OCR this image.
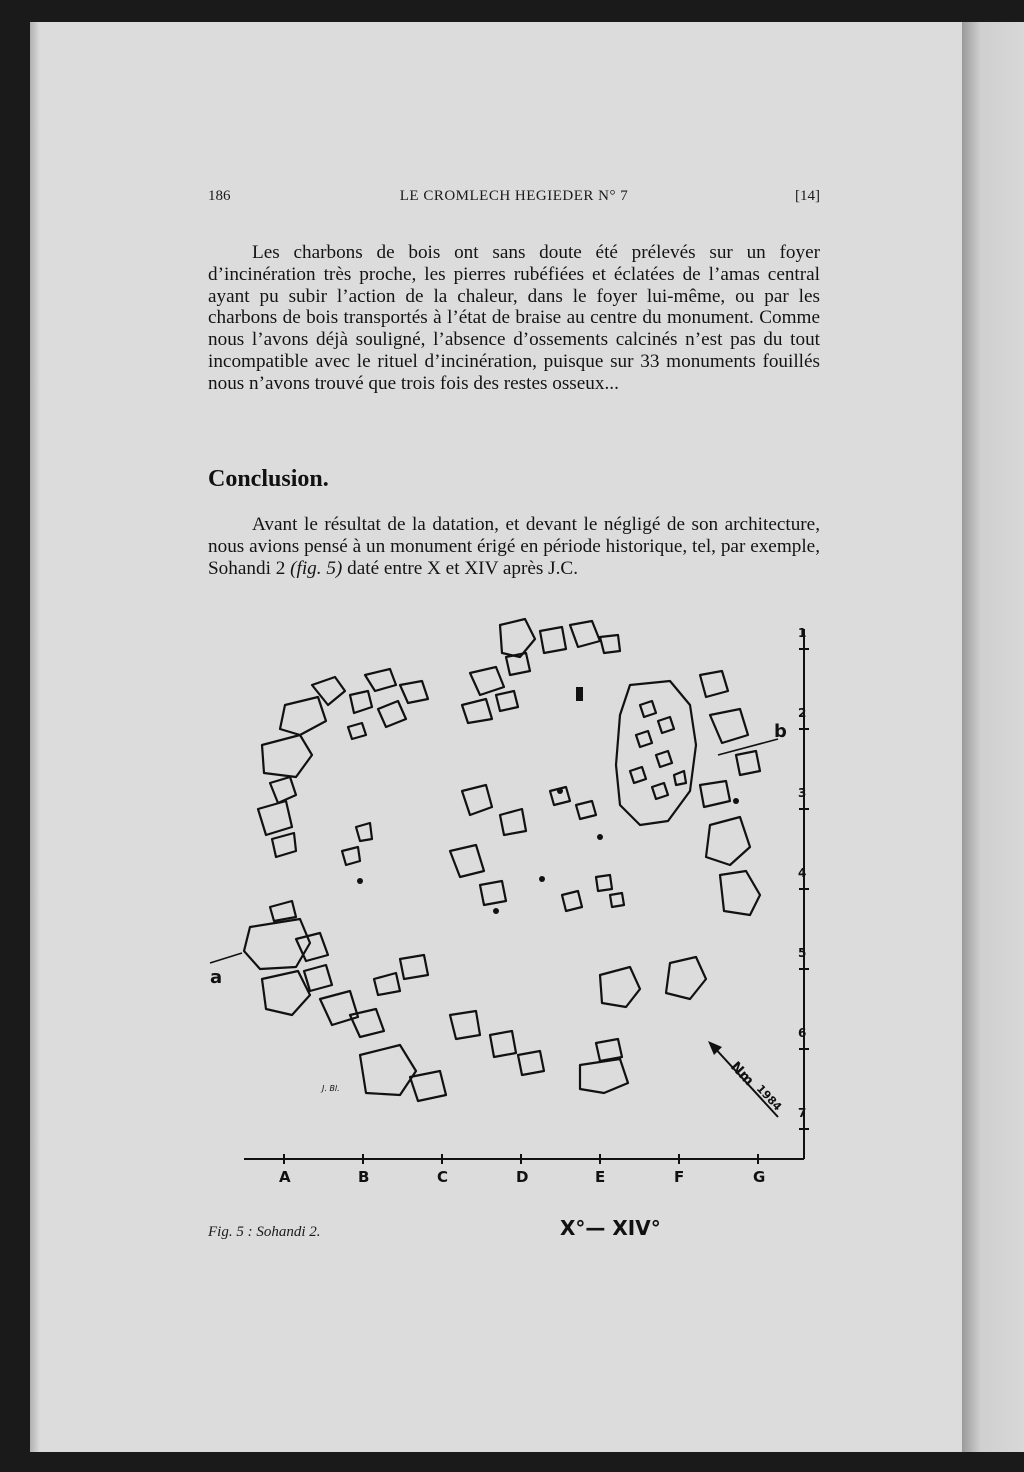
186	LE CROMLECH HEGIEDER N° 7	[14]

Les charbons de bois ont sans doute été prélevés sur un foyer d’incinération très proche, les pierres rubéfiées et éclatées de l’amas central ayant pu subir l’action de la chaleur, dans le foyer lui-même, ou par les charbons de bois transportés à l’état de braise au centre du monument. Comme nous l’avons déjà souligné, l’absence d’ossements calcinés n’est pas du tout incompatible avec le rituel d’incinération, puisque sur 33 monuments fouillés nous n’avons trouvé que trois fois des restes osseux...

Conclusion.

Avant le résultat de la datation, et devant le négligé de son architecture, nous avions pensé à un monument érigé en période historique, tel, par exemple, Sohandi 2 (fig. 5) daté entre X et XIV après J.C.

a
b
A	B	C	D	E	F	G
1
2
3
4
5
6
7
Nm
1984
J. Bl.
Fig. 5 : Sohandi 2.	X°— XIV°
